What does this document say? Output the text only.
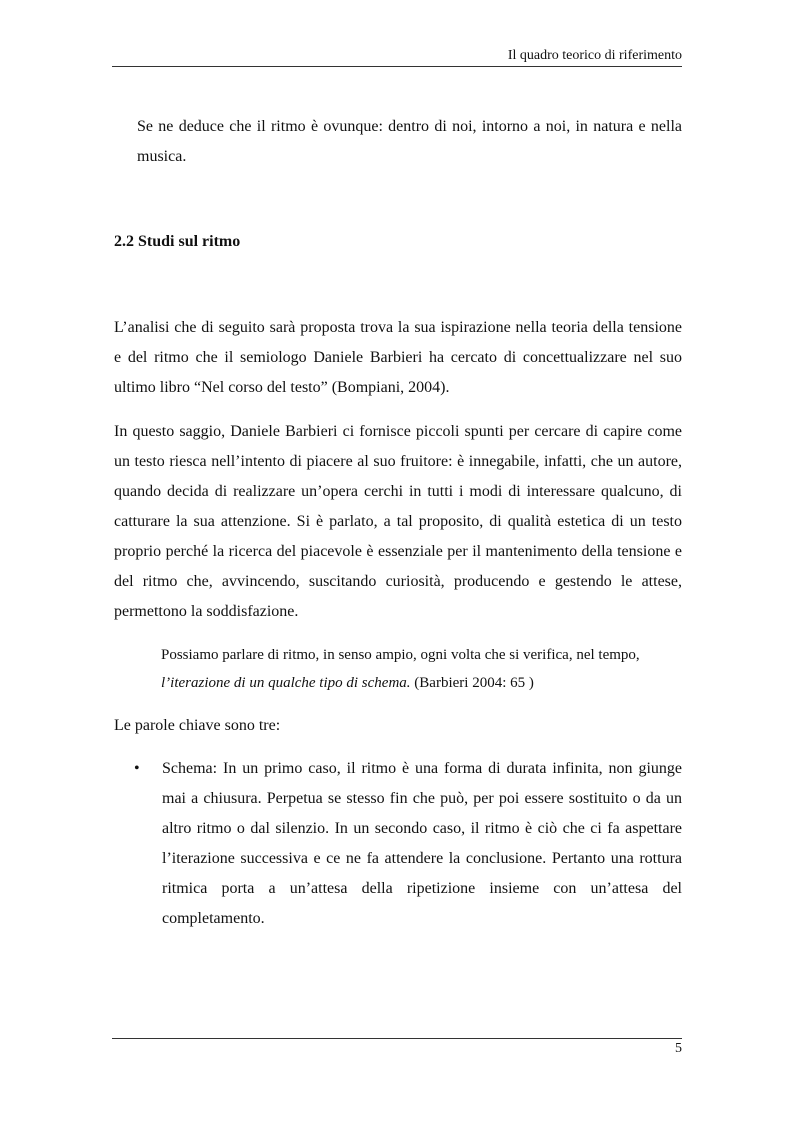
Il quadro teorico di riferimento

Se ne deduce che il ritmo è ovunque: dentro di noi, intorno a noi, in natura e nella musica.

2.2 Studi sul ritmo

L’analisi che di seguito sarà proposta trova la sua ispirazione nella teoria della tensione e del ritmo che il semiologo Daniele Barbieri ha cercato di concettualizzare nel suo ultimo libro “Nel corso del testo” (Bompiani, 2004).

In questo saggio, Daniele Barbieri ci fornisce piccoli spunti per cercare di capire come un testo riesca nell’intento di piacere al suo fruitore: è innegabile, infatti, che un autore, quando decida di realizzare un’opera cerchi in tutti i modi di interessare qualcuno, di catturare la sua attenzione. Si è parlato, a tal proposito, di qualità estetica di un testo proprio perché la ricerca del piacevole è essenziale per il mantenimento della tensione e del ritmo che, avvincendo, suscitando curiosità, producendo e gestendo le attese, permettono la soddisfazione.

Possiamo parlare di ritmo, in senso ampio, ogni volta che si verifica, nel tempo,
l’iterazione di un qualche tipo di schema. (Barbieri 2004: 65 )

Le parole chiave sono tre:

• Schema: In un primo caso, il ritmo è una forma di durata infinita, non giunge mai a chiusura. Perpetua se stesso fin che può, per poi essere sostituito o da un altro ritmo o dal silenzio. In un secondo caso, il ritmo è ciò che ci fa aspettare l’iterazione successiva e ce ne fa attendere la conclusione. Pertanto una rottura ritmica porta a un’attesa della ripetizione insieme con un’attesa del completamento.

5
